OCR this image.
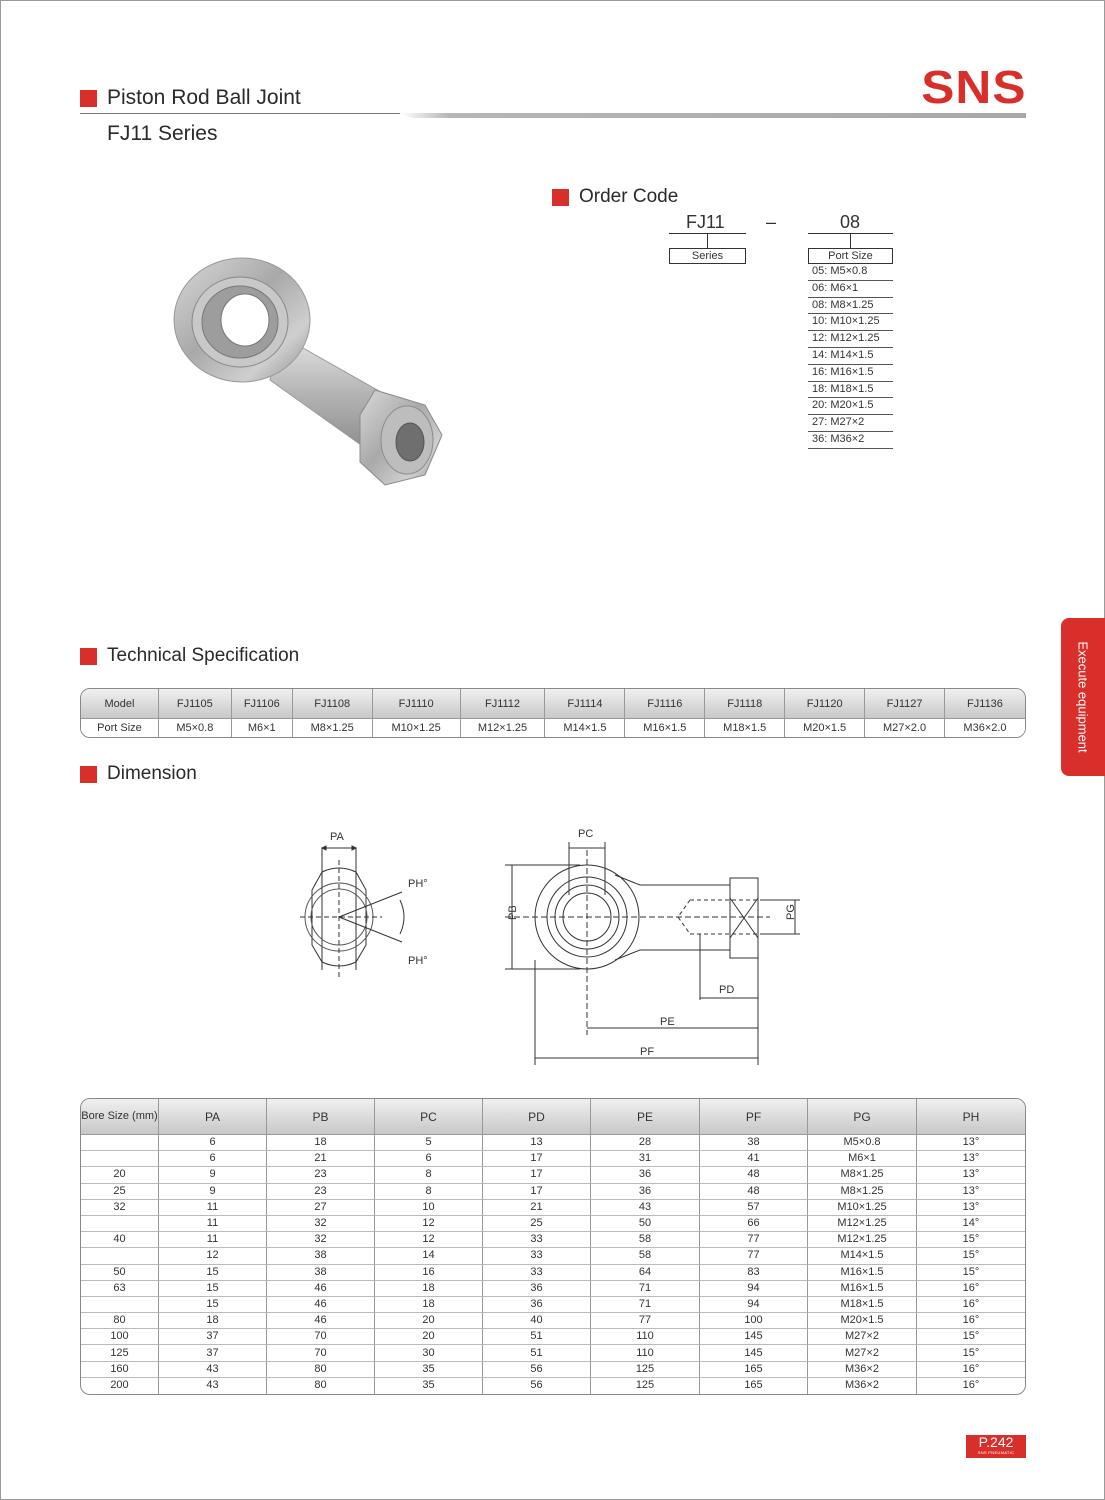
Piston Rod Ball Joint
FJ11 Series
SNS
Order Code
FJ11
Series
–	08
Port Size
05: M5×0.8
06: M6×1
08: M8×1.25
10: M10×1.25
12: M12×1.25
14: M14×1.5
16: M16×1.5
18: M18×1.5
20: M20×1.5
27: M27×2
36: M36×2
Execute equipment
Technical Specification
Model	FJ1105	FJ1106	FJ1108	FJ1110	FJ1112	FJ1114	FJ1116	FJ1118	FJ1120	FJ1127	FJ1136
Port Size	M5×0.8	M6×1	M8×1.25	M10×1.25	M12×1.25	M14×1.5	M16×1.5	M18×1.5	M20×1.5	M27×2.0	M36×2.0
Dimension
PA
PH°
PH°
PC
PB	PG
PD
PE
PF
Bore Size (mm)	PA	PB	PC	PD	PE	PF	PG	PH
	6	18	5	13	28	38	M5×0.8	13°
	6	21	6	17	31	41	M6×1	13°
20	9	23	8	17	36	48	M8×1.25	13°
25	9	23	8	17	36	48	M8×1.25	13°
32	11	27	10	21	43	57	M10×1.25	13°
	11	32	12	25	50	66	M12×1.25	14°
40	11	32	12	33	58	77	M12×1.25	15°
	12	38	14	33	58	77	M14×1.5	15°
50	15	38	16	33	64	83	M16×1.5	15°
63	15	46	18	36	71	94	M16×1.5	16°
	15	46	18	36	71	94	M18×1.5	16°
80	18	46	20	40	77	100	M20×1.5	16°
100	37	70	20	51	110	145	M27×2	15°
125	37	70	30	51	110	145	M27×2	15°
160	43	80	35	56	125	165	M36×2	16°
200	43	80	35	56	125	165	M36×2	16°
P.242
SNS PNEUMATIC
